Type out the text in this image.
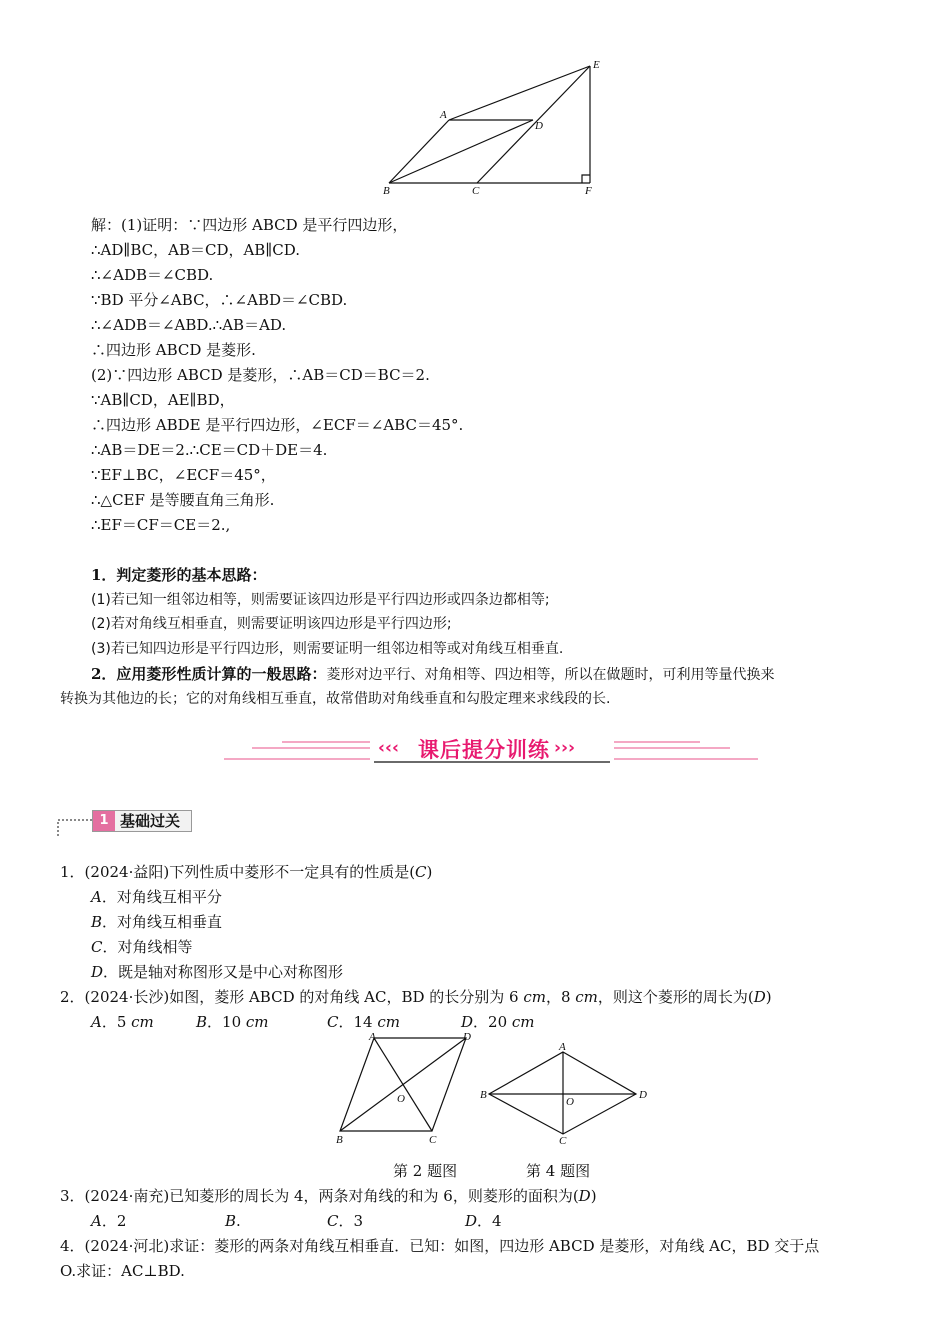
E
A
D
B	C	F
解：(1)证明：∵四边形 ABCD 是平行四边形，
∴AD∥BC，AB＝CD，AB∥CD.
∴∠ADB＝∠CBD.
∵BD 平分∠ABC，∴∠ABD＝∠CBD.
∴∠ADB＝∠ABD.∴AB＝AD.
∴四边形 ABCD 是菱形.
(2)∵四边形 ABCD 是菱形，∴AB＝CD＝BC＝2.
∵AB∥CD，AE∥BD，
∴四边形 ABDE 是平行四边形，∠ECF＝∠ABC＝45°.
∴AB＝DE＝2.∴CE＝CD＋DE＝4.
∵EF⊥BC，∠ECF＝45°，
∴△CEF 是等腰直角三角形.
∴EF＝CF＝CE＝2.,
1．判定菱形的基本思路：
(1)若已知一组邻边相等，则需要证该四边形是平行四边形或四条边都相等;
(2)若对角线互相垂直，则需要证明该四边形是平行四边形;
(3)若已知四边形是平行四边形，则需要证明一组邻边相等或对角线互相垂直.
2．应用菱形性质计算的一般思路：菱形对边平行、对角相等、四边相等，所以在做题时，可利用等量代换来
转换为其他边的长；它的对角线相互垂直，故常借助对角线垂直和勾股定理来求线段的长.
‹‹‹ 课后提分训练 ›››
1 基础过关
1．(2024·益阳)下列性质中菱形不一定具有的性质是(C)
A．对角线互相平分
B．对角线互相垂直
C．对角线相等
D．既是轴对称图形又是中心对称图形
2．(2024·长沙)如图，菱形 ABCD 的对角线 AC，BD 的长分别为 6 cm，8 cm，则这个菱形的周长为(D)
A．5 cm	B．10 cm	C．14 cm	D．20 cm
A	D
O
B	C
A
B	D
O
C
第 2 题图	第 4 题图
3．(2024·南充)已知菱形的周长为 4，两条对角线的和为 6，则菱形的面积为(D)
A．2	B.	C．3	D．4
4．(2024·河北)求证：菱形的两条对角线互相垂直．已知：如图，四边形 ABCD 是菱形，对角线 AC，BD 交于点
O.求证：AC⊥BD.
